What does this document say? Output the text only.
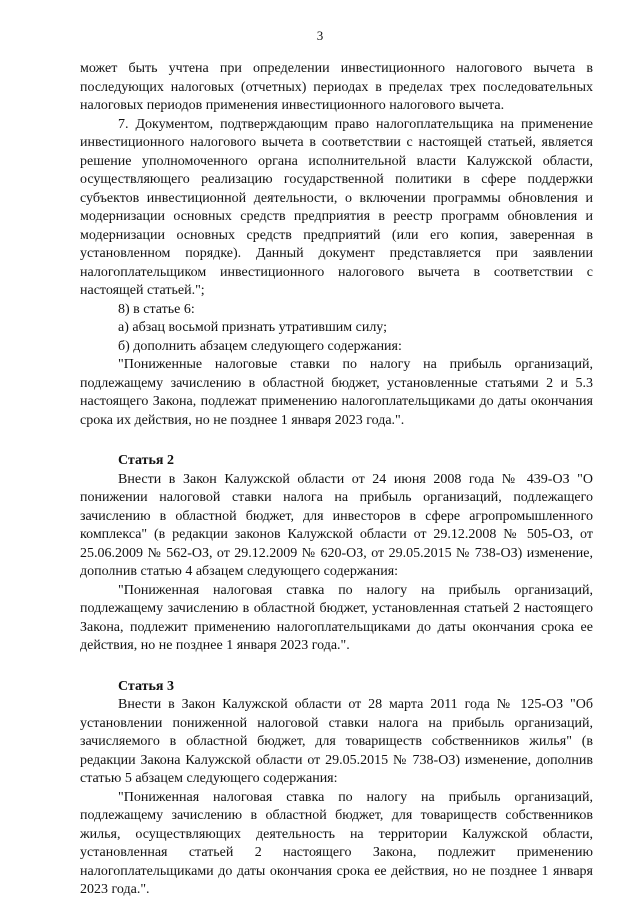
3

может быть учтена при определении инвестиционного налогового вычета в последующих налоговых (отчетных) периодах в пределах трех последовательных налоговых периодов применения инвестиционного налогового вычета.

7. Документом, подтверждающим право налогоплательщика на применение инвестиционного налогового вычета в соответствии с настоящей статьей, является решение уполномоченного органа исполнительной власти Калужской области, осуществляющего реализацию государственной политики в сфере поддержки субъектов инвестиционной деятельности, о включении программы обновления и модернизации основных средств предприятия в реестр программ обновления и модернизации основных средств предприятий (или его копия, заверенная в установленном порядке). Данный документ представляется при заявлении налогоплательщиком инвестиционного налогового вычета в соответствии с настоящей статьей.";

8) в статье 6:

а) абзац восьмой признать утратившим силу;

б) дополнить абзацем следующего содержания:

"Пониженные налоговые ставки по налогу на прибыль организаций, подлежащему зачислению в областной бюджет, установленные статьями 2 и 5.3 настоящего Закона, подлежат применению налогоплательщиками до даты окончания срока их действия, но не позднее 1 января 2023 года.".

Статья 2

Внести в Закон Калужской области от 24 июня 2008 года № 439-ОЗ "О понижении налоговой ставки налога на прибыль организаций, подлежащего зачислению в областной бюджет, для инвесторов в сфере агропромышленного комплекса" (в редакции законов Калужской области от 29.12.2008 № 505-ОЗ, от 25.06.2009 № 562-ОЗ, от 29.12.2009 № 620-ОЗ, от 29.05.2015 № 738-ОЗ) изменение, дополнив статью 4 абзацем следующего содержания:

"Пониженная налоговая ставка по налогу на прибыль организаций, подлежащему зачислению в областной бюджет, установленная статьей 2 настоящего Закона, подлежит применению налогоплательщиками до даты окончания срока ее действия, но не позднее 1 января 2023 года.".

Статья 3

Внести в Закон Калужской области от 28 марта 2011 года № 125-ОЗ "Об установлении пониженной налоговой ставки налога на прибыль организаций, зачисляемого в областной бюджет, для товариществ собственников жилья" (в редакции Закона Калужской области от 29.05.2015 № 738-ОЗ) изменение, дополнив статью 5 абзацем следующего содержания:

"Пониженная налоговая ставка по налогу на прибыль организаций, подлежащему зачислению в областной бюджет, для товариществ собственников жилья, осуществляющих деятельность на территории Калужской области, установленная статьей 2 настоящего Закона, подлежит применению налогоплательщиками до даты окончания срока ее действия, но не позднее 1 января 2023 года.".
